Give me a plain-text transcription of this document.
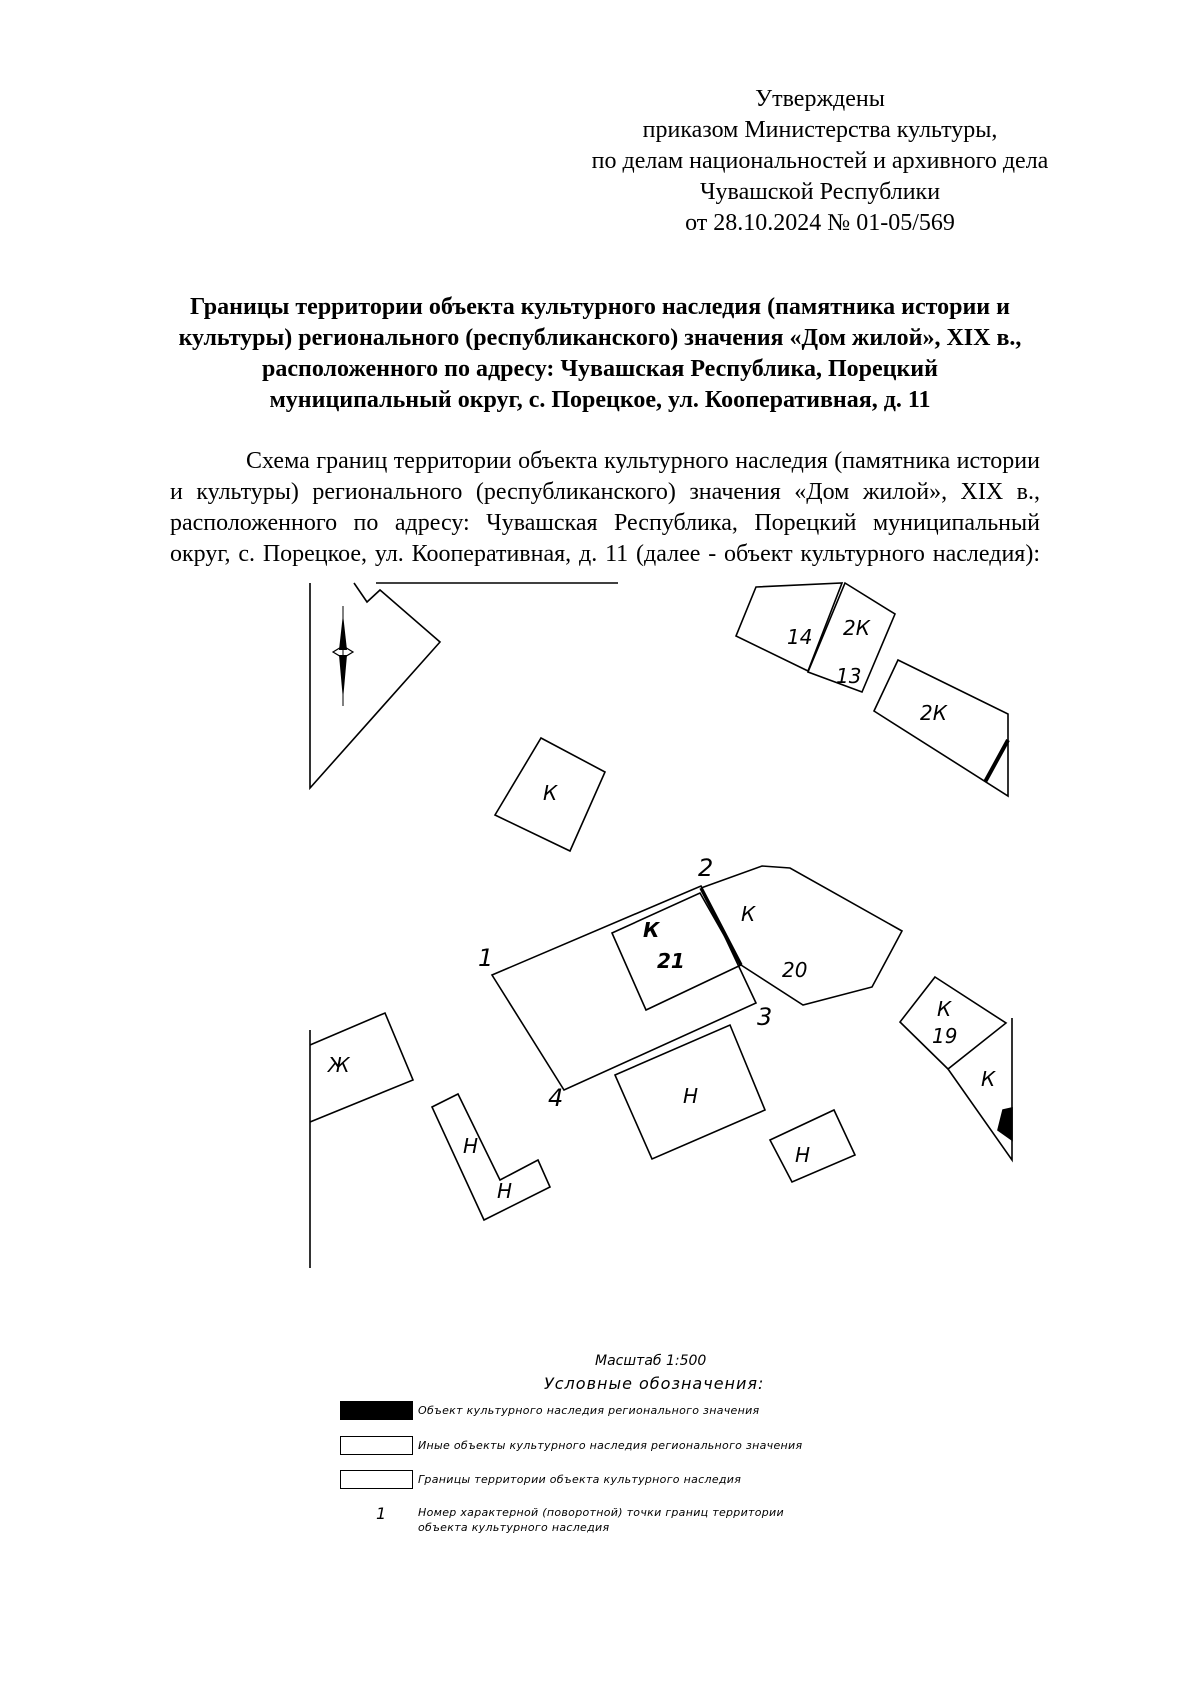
Утверждены
приказом Министерства культуры,
по делам национальностей и архивного дела
Чувашской Республики
от 28.10.2024 № 01-05/569
Границы территории объекта культурного наследия (памятника истории и
культуры) регионального (республиканского) значения «Дом жилой», XIX в.,
расположенного по адресу: Чувашская Республика, Порецкий
муниципальный округ, с. Порецкое, ул. Кооперативная, д. 11
Схема границ территории объекта культурного наследия (памятника истории
и культуры) регионального (республиканского) значения «Дом жилой», XIX в.,
расположенного по адресу: Чувашская Республика, Порецкий муниципальный
округ, с. Порецкое, ул. Кооперативная, д. 11 (далее - объект культурного наследия):
К
14 2К
13
2К
К
21
К
20
К
19
К
Ж
Н
Н
Н
Н
1
2
3
4
Масштаб 1:500
Условные обозначения:
Объект культурного наследия регионального значения
Иные объекты культурного наследия регионального значения
Границы территории объекта культурного наследия
1	Номер характерной (поворотной) точки границ территории
объекта культурного наследия
